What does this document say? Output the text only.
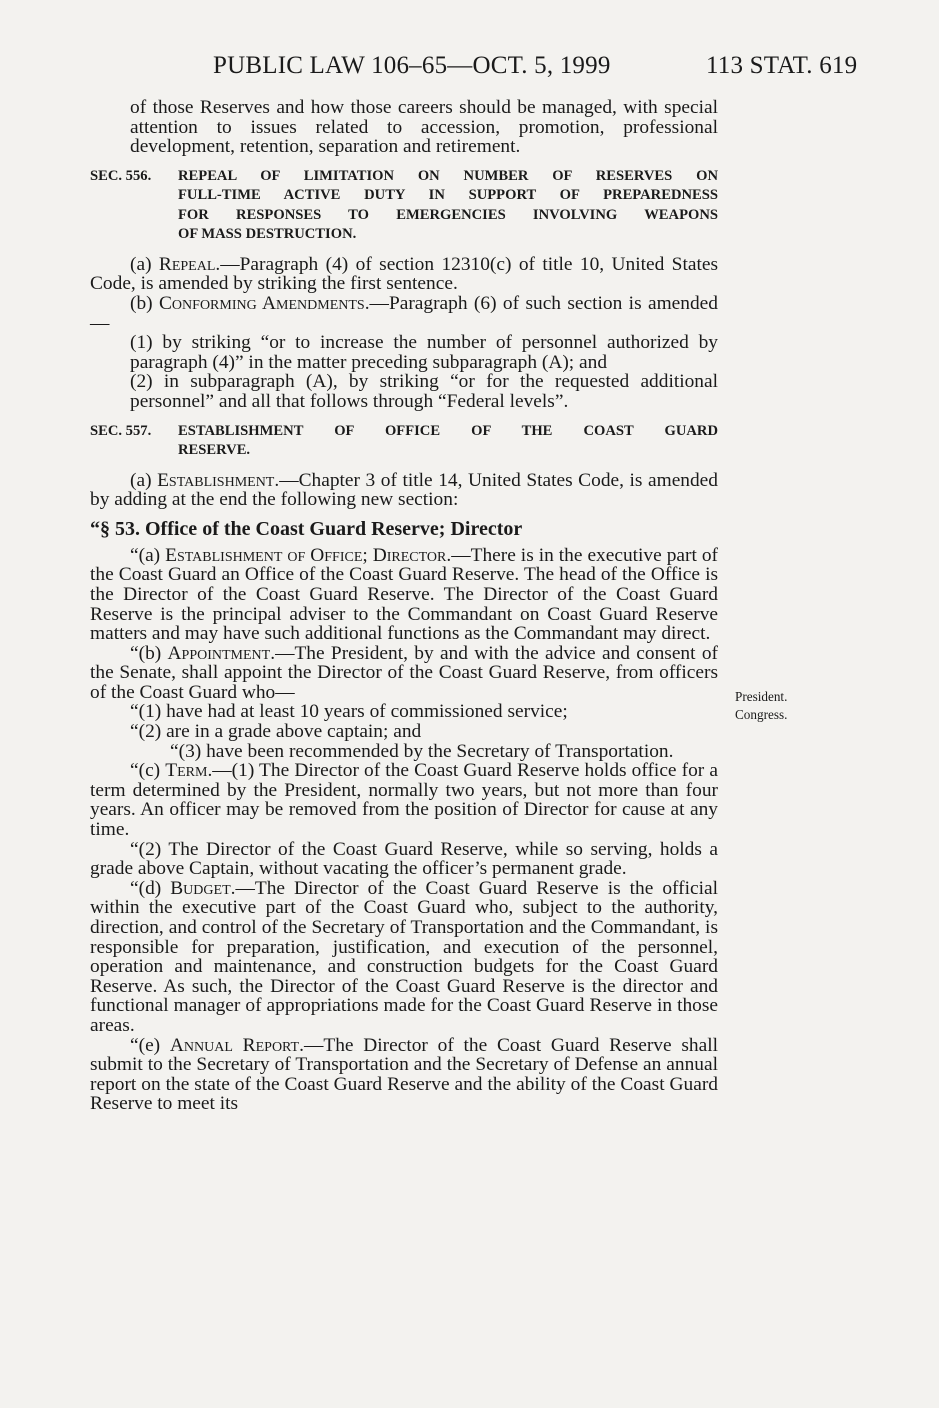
PUBLIC LAW 106–65—OCT. 5, 1999	113 STAT. 619

of those Reserves and how those careers should be managed, with special attention to issues related to accession, promotion, professional development, retention, separation and retirement.

SEC. 556.	REPEAL OF LIMITATION ON NUMBER OF RESERVES ON
FULL-TIME ACTIVE DUTY IN SUPPORT OF PREPAREDNESS
FOR RESPONSES TO EMERGENCIES INVOLVING WEAPONS
OF MASS DESTRUCTION.

(a) Repeal.—Paragraph (4) of section 12310(c) of title 10, United States Code, is amended by striking the first sentence.

(b) Conforming Amendments.—Paragraph (6) of such section is amended—

(1) by striking “or to increase the number of personnel authorized by paragraph (4)” in the matter preceding subparagraph (A); and

(2) in subparagraph (A), by striking “or for the requested additional personnel” and all that follows through “Federal levels”.

SEC. 557.	ESTABLISHMENT OF OFFICE OF THE COAST GUARD
RESERVE.

(a) Establishment.—Chapter 3 of title 14, United States Code, is amended by adding at the end the following new section:

“§ 53. Office of the Coast Guard Reserve; Director

“(a) Establishment of Office; Director.—There is in the executive part of the Coast Guard an Office of the Coast Guard Reserve. The head of the Office is the Director of the Coast Guard Reserve. The Director of the Coast Guard Reserve is the principal adviser to the Commandant on Coast Guard Reserve matters and may have such additional functions as the Commandant may direct.

“(b) Appointment.—The President, by and with the advice and consent of the Senate, shall appoint the Director of the Coast Guard Reserve, from officers of the Coast Guard who—

“(1) have had at least 10 years of commissioned service;

“(2) are in a grade above captain; and

“(3) have been recommended by the Secretary of Transportation.

“(c) Term.—(1) The Director of the Coast Guard Reserve holds office for a term determined by the President, normally two years, but not more than four years. An officer may be removed from the position of Director for cause at any time.

“(2) The Director of the Coast Guard Reserve, while so serving, holds a grade above Captain, without vacating the officer’s permanent grade.

“(d) Budget.—The Director of the Coast Guard Reserve is the official within the executive part of the Coast Guard who, subject to the authority, direction, and control of the Secretary of Transportation and the Commandant, is responsible for preparation, justification, and execution of the personnel, operation and maintenance, and construction budgets for the Coast Guard Reserve. As such, the Director of the Coast Guard Reserve is the director and functional manager of appropriations made for the Coast Guard Reserve in those areas.

“(e) Annual Report.—The Director of the Coast Guard Reserve shall submit to the Secretary of Transportation and the Secretary of Defense an annual report on the state of the Coast Guard Reserve and the ability of the Coast Guard Reserve to meet its

President.
Congress.
